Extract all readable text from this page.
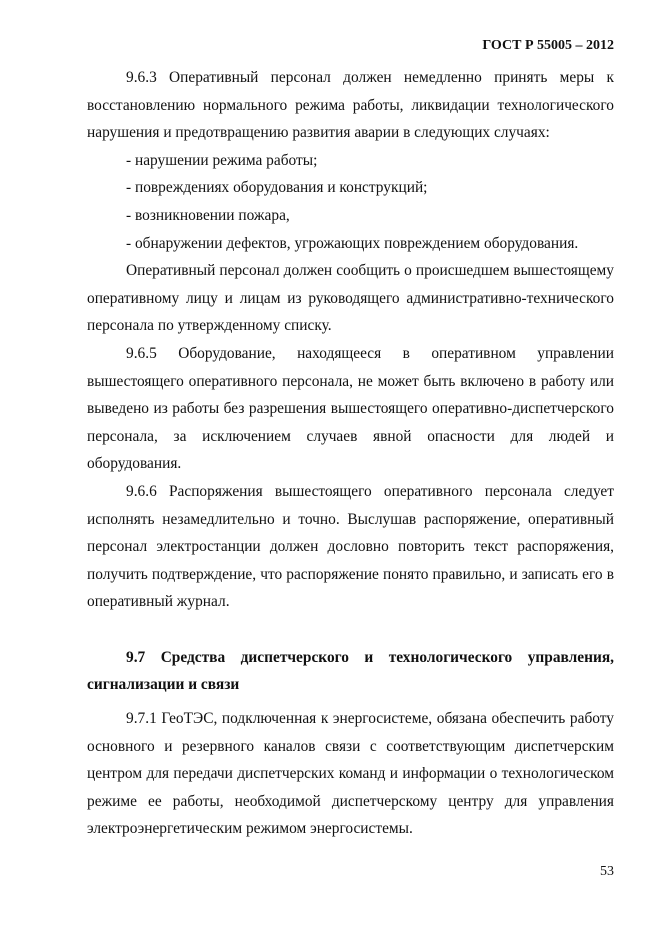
ГОСТ Р 55005 – 2012

9.6.3 Оперативный персонал должен немедленно принять меры к восстановлению нормального режима работы, ликвидации технологического нарушения и предотвращению развития аварии в следующих случаях:

- нарушении режима работы;

- повреждениях оборудования и конструкций;

- возникновении пожара,

- обнаружении дефектов, угрожающих повреждением оборудования.

Оперативный персонал должен сообщить о происшедшем вышестоящему оперативному лицу и лицам из руководящего административно-технического персонала по утвержденному списку.

9.6.5 Оборудование, находящееся в оперативном управлении вышестоящего оперативного персонала, не может быть включено в работу или выведено из работы без разрешения вышестоящего оперативно-диспетчерского персонала, за исключением случаев явной опасности для людей и оборудования.

9.6.6 Распоряжения вышестоящего оперативного персонала следует исполнять незамедлительно и точно. Выслушав распоряжение, оперативный персонал электростанции должен дословно повторить текст распоряжения, получить подтверждение, что распоряжение понято правильно, и записать его в оперативный журнал.

9.7 Средства диспетчерского и технологического управления, сигнализации и связи

9.7.1 ГеоТЭС, подключенная к энергосистеме, обязана обеспечить работу основного и резервного каналов связи с соответствующим диспетчерским центром для передачи диспетчерских команд и информации о технологическом режиме ее работы, необходимой диспетчерскому центру для управления электроэнергетическим режимом энергосистемы.

53
